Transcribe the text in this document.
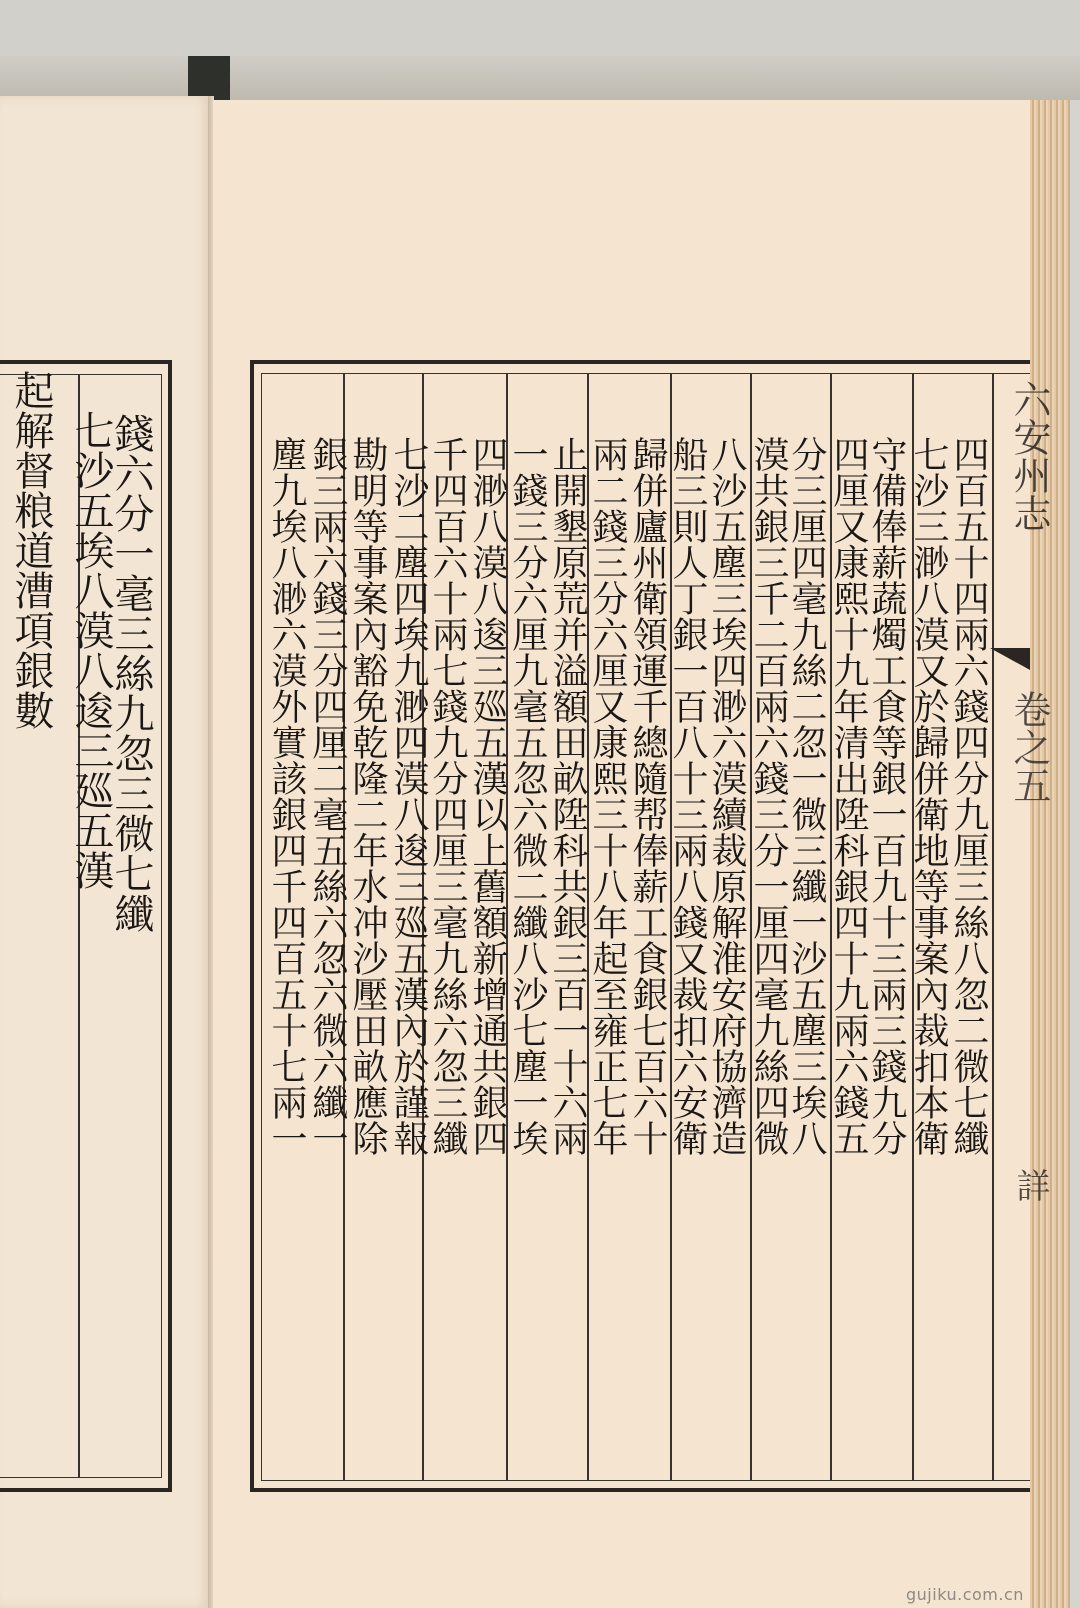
錢六分一毫三絲九忽三微七纖
七沙五埃八漠八逡三廵五漢
起解督粮道漕項銀數	四百五十四兩六錢四分九厘三絲八忽二微七纖
七沙三渺八漠又於歸併衛地等事案內裁扣本衛
守備俸薪蔬燭工食等銀一百九十三兩三錢九分
四厘又康熙十九年清出陞科銀四十九兩六錢五
分三厘四毫九絲二忽一微三纖一沙五塵三埃八
漠共銀三千二百兩六錢三分一厘四毫九絲四微
八沙五塵三埃四渺六漠續裁原解淮安府協濟造
船三則人丁銀一百八十三兩八錢又裁扣六安衛
歸併廬州衛領運千總隨帮俸薪工食銀七百六十
兩二錢三分六厘又康熙三十八年起至雍正七年
止開墾原荒并溢額田畝陞科共銀三百一十六兩
一錢三分六厘九毫五忽六微二纖八沙七塵一埃
四渺八漠八逡三廵五漢以上舊額新增通共銀四
千四百六十兩七錢九分四厘三毫九絲六忽三纖
七沙二塵四埃九渺四漠八逡三廵五漢內於謹報
勘明等事案內豁免乾隆二年水冲沙壓田畝應除
銀三兩六錢三分四厘二毫五絲六忽六微六纖一
塵九埃八渺六漠外實該銀四千四百五十七兩一	六安州志
卷之五
詳
gujiku.com.cn
